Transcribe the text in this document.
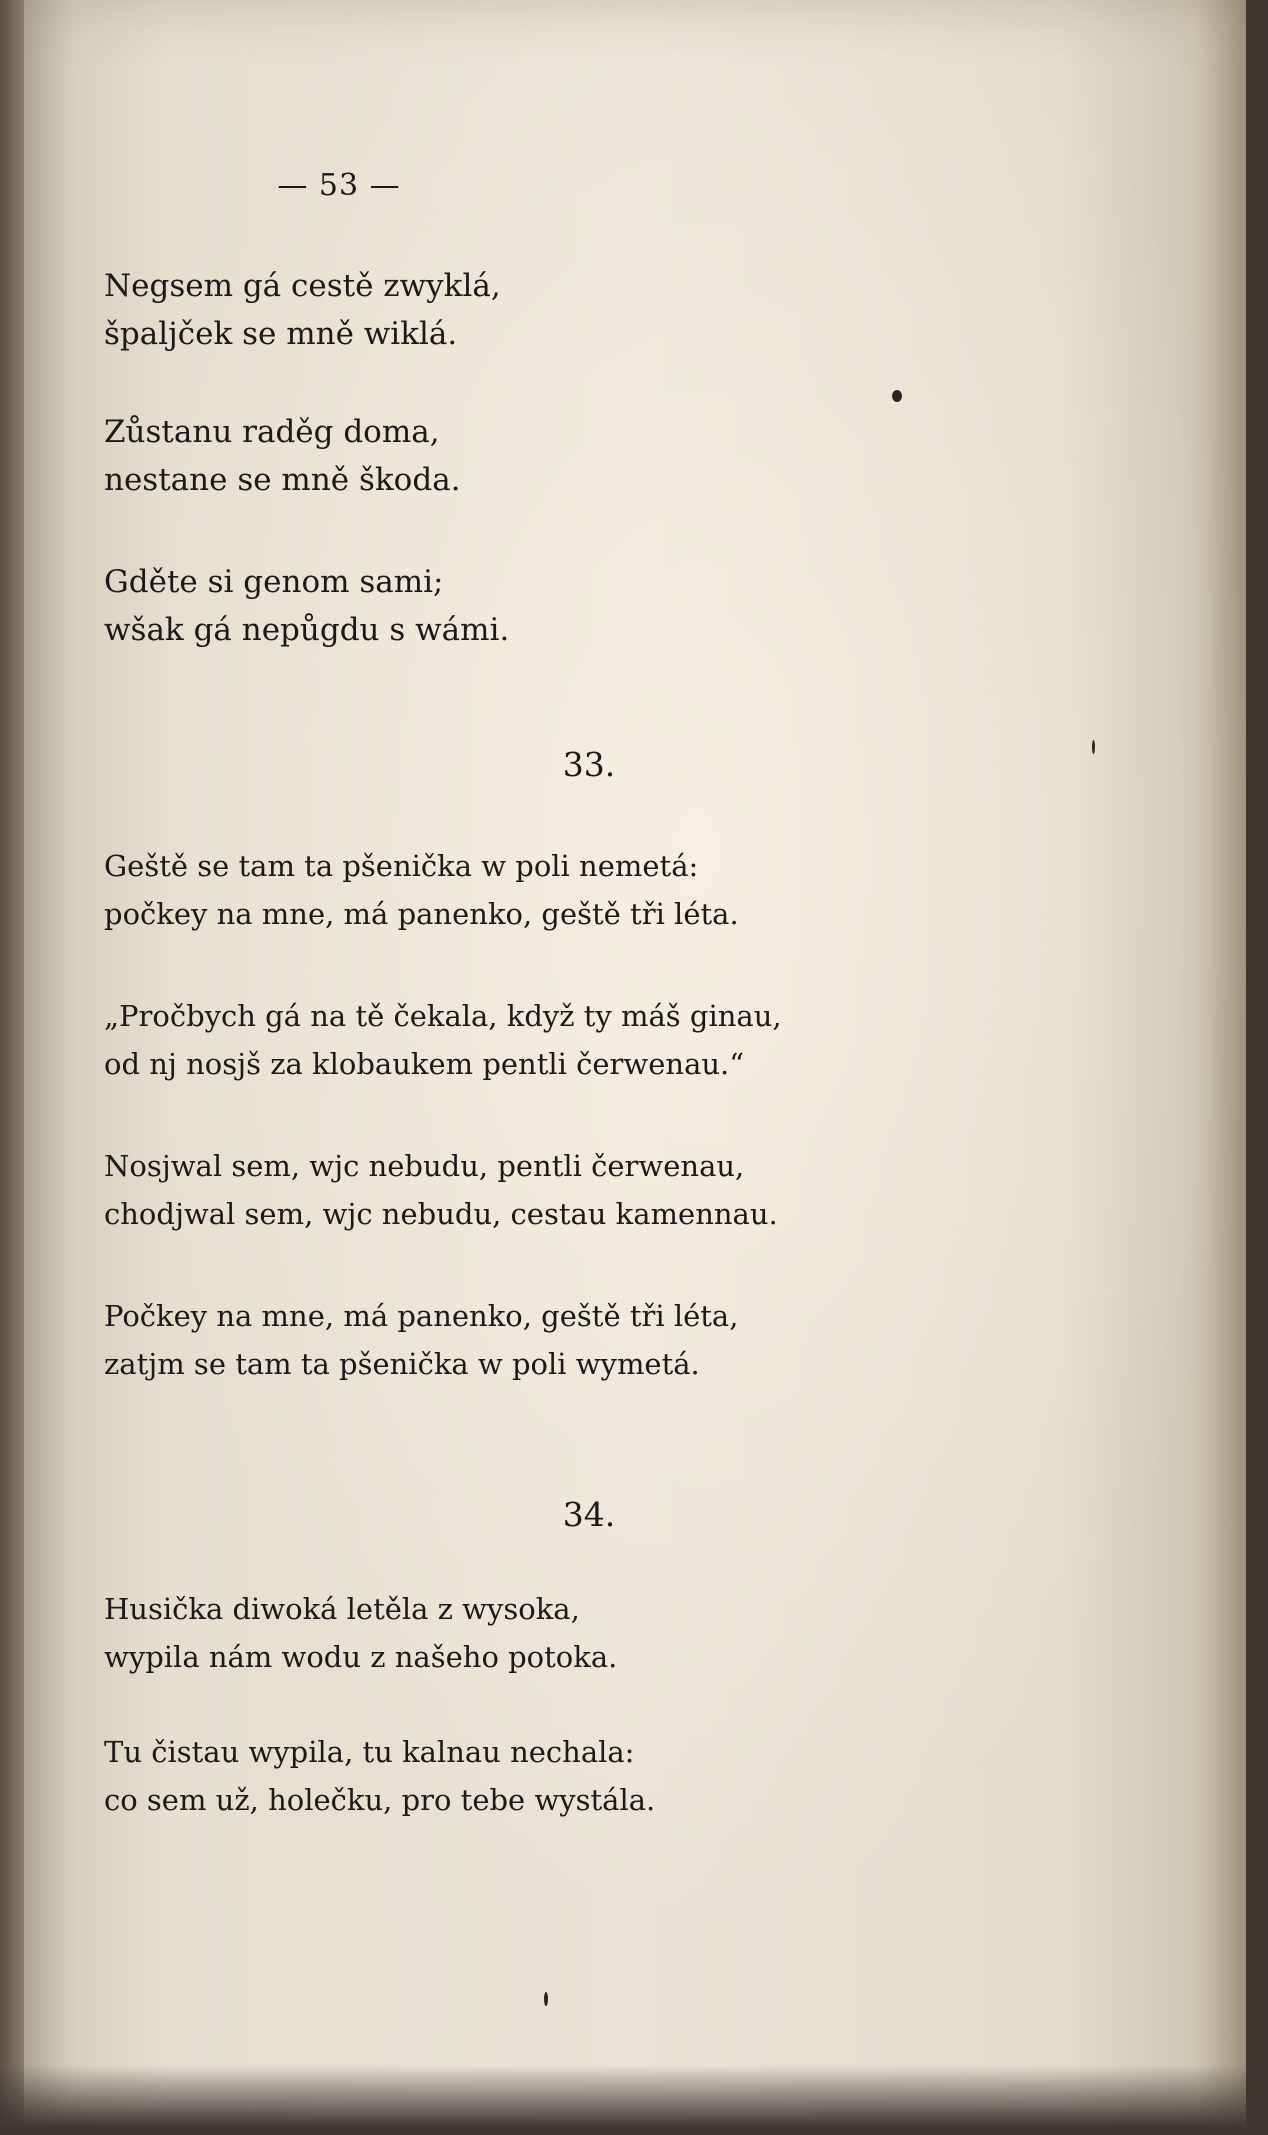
— 53 —
Negsem gá cestě zwyklá,
špaljček se mně wiklá.
Zůstanu raděg doma,
nestane se mně škoda.
Gděte si genom sami;
wšak gá nepůgdu s wámi.
33.
Geště se tam ta pšenička w poli nemetá:
počkey na mne, má panenko, geště tři léta.
„Pročbych gá na tě čekala, když ty máš ginau,
od nj nosjš za klobaukem pentli čerwenau.“
Nosjwal sem, wjc nebudu, pentli čerwenau,
chodjwal sem, wjc nebudu, cestau kamennau.
Počkey na mne, má panenko, geště tři léta,
zatjm se tam ta pšenička w poli wymetá.
34.
Husička diwoká letěla z wysoka,
wypila nám wodu z našeho potoka.
Tu čistau wypila, tu kalnau nechala:
co sem už, holečku, pro tebe wystála.
